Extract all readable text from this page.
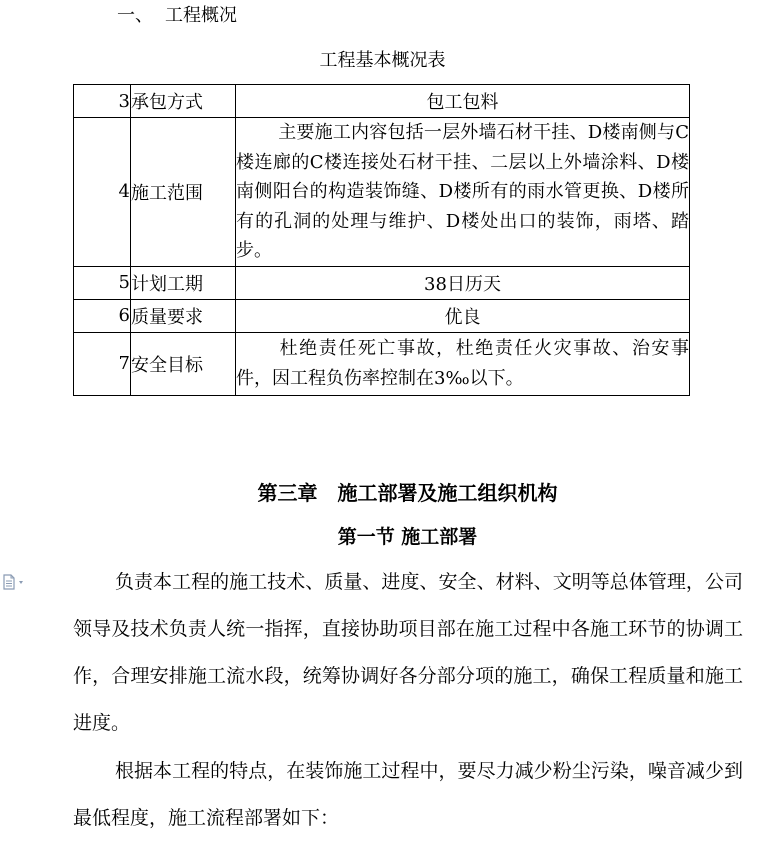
一、 工程概况
工程基本概况表
3	承包方式	包工包料
4	施工范围	主要施工内容包括一层外墙石材干挂、D楼南侧与C楼连廊的C楼连接处石材干挂、二层以上外墙涂料、D楼南侧阳台的构造装饰缝、D楼所有的雨水管更换、D楼所有的孔洞的处理与维护、D楼处出口的装饰，雨塔、踏步。
5	计划工期	38日历天
6	质量要求	优良
7	安全目标	杜绝责任死亡事故，杜绝责任火灾事故、治安事件，因工程负伤率控制在3‰以下。
第三章　施工部署及施工组织机构
第一节 施工部署

负责本工程的施工技术、质量、进度、安全、材料、文明等总体管理，公司领导及技术负责人统一指挥，直接协助项目部在施工过程中各施工环节的协调工作，合理安排施工流水段，统筹协调好各分部分项的施工，确保工程质量和施工进度。

根据本工程的特点，在装饰施工过程中，要尽力减少粉尘污染，噪音减少到最低程度，施工流程部署如下：
